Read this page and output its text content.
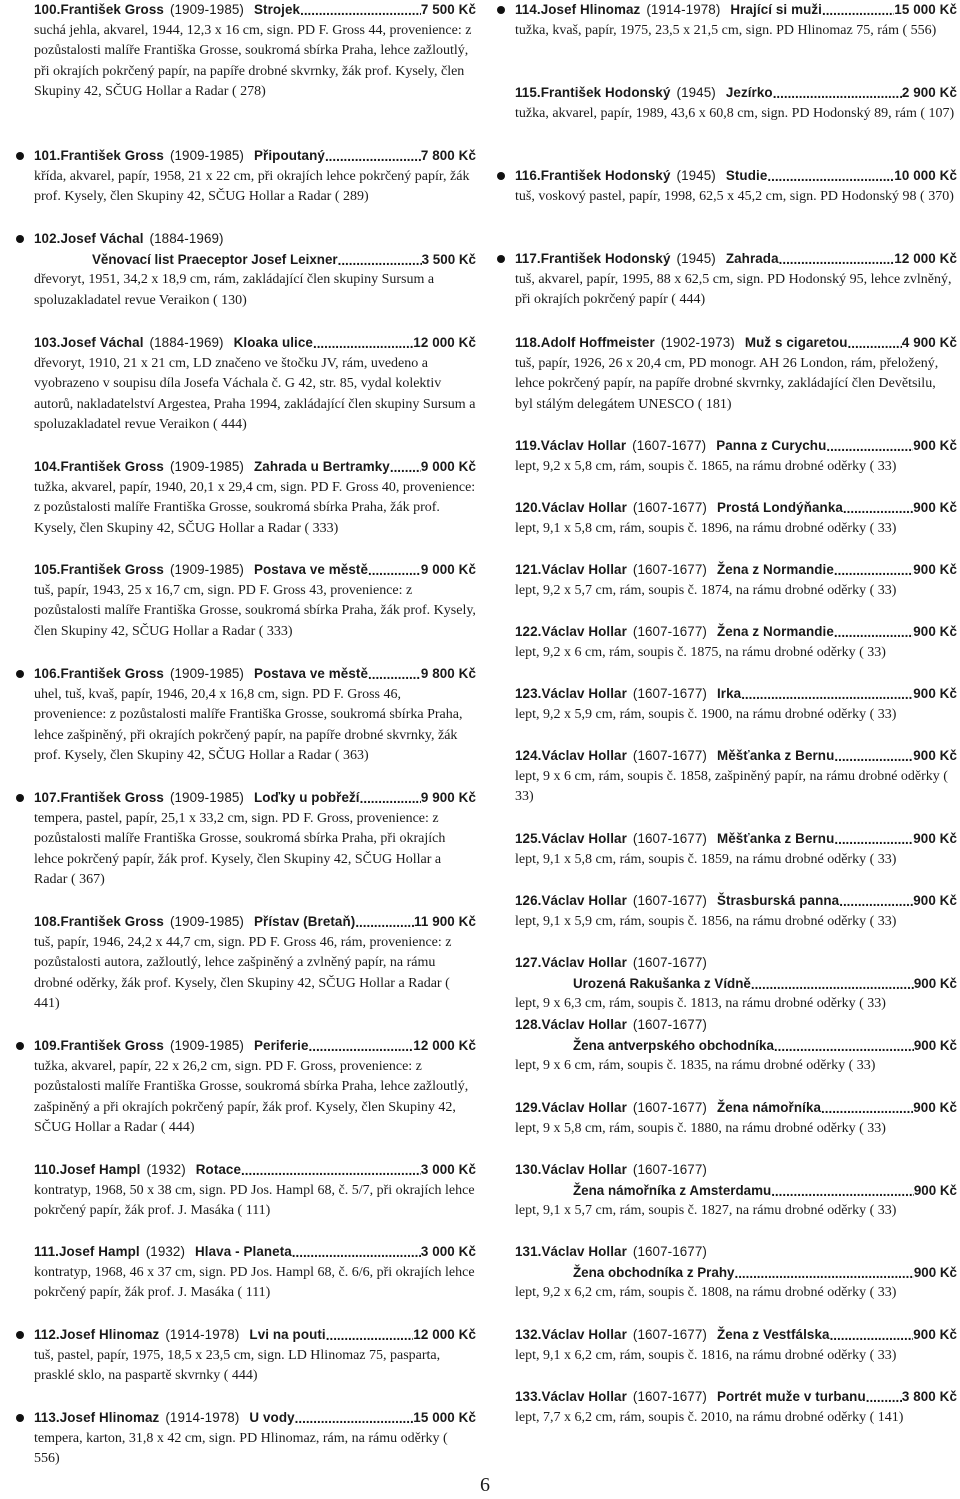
100. František Gross (1909-1985) Strojek .....	7 500 Kč
suchá jehla, akvarel, 1944, 12,3 x 16 cm, sign. PD F. Gross 44, provenience: z pozůstalosti malíře Františka Grosse, soukromá sbírka Praha, lehce zažloutlý, při okrajích pokrčený papír, na papíře drobné skvrnky, žák prof. Kysely, člen Skupiny 42, SČUG Hollar a Radar ( 278)
101. František Gross (1909-1985) Připoutaný .....	7 800 Kč
křída, akvarel, papír, 1958, 21 x 22 cm, při okrajích lehce pokrčený papír, žák prof. Kysely, člen Skupiny 42, SČUG Hollar a Radar ( 289)
102. Josef Váchal (1884-1969)
Věnovací list Praeceptor Josef Leixner .....	3 500 Kč
dřevoryt, 1951, 34,2 x 18,9 cm, rám, zakládající člen skupiny Sursum a spoluzakladatel revue Veraikon ( 130)
103. Josef Váchal (1884-1969) Kloaka ulice .....	12 000 Kč
dřevoryt, 1910, 21 x 21 cm, LD značeno ve štočku JV, rám, uvedeno a vyobrazeno v soupisu díla Josefa Váchala č. G 42, str. 85, vydal kolektiv autorů, nakladatelství Argestea, Praha 1994, zakládající člen skupiny Sursum a spoluzakladatel revue Veraikon ( 444)
104. František Gross (1909-1985) Zahrada u Bertramky ..... 9 000 Kč
tužka, akvarel, papír, 1940, 20,1 x 29,4 cm, sign. PD F. Gross 40, provenience: z pozůstalosti malíře Františka Grosse, soukromá sbírka Praha, žák prof. Kysely, člen Skupiny 42, SČUG Hollar a Radar ( 333)
105. František Gross (1909-1985) Postava ve městě .....	9 000 Kč
tuš, papír, 1943, 25 x 16,7 cm, sign. PD F. Gross 43, provenience: z pozůstalosti malíře Františka Grosse, soukromá sbírka Praha, žák prof. Kysely, člen Skupiny 42, SČUG Hollar a Radar ( 333)
106. František Gross (1909-1985) Postava ve městě .....	9 800 Kč
uhel, tuš, kvaš, papír, 1946, 20,4 x 16,8 cm, sign. PD F. Gross 46, provenience: z pozůstalosti malíře Františka Grosse, soukromá sbírka Praha, lehce zašpiněný, při okrajích pokrčený papír, na papíře drobné skvrnky, žák prof. Kysely, člen Skupiny 42, SČUG Hollar a Radar ( 363)
107. František Gross (1909-1985) Loďky u pobřeží .....	9 900 Kč
tempera, pastel, papír, 25,1 x 33,2 cm, sign. PD F. Gross, provenience: z pozůstalosti malíře Františka Grosse, soukromá sbírka Praha, při okrajích lehce pokrčený papír, žák prof. Kysely, člen Skupiny 42, SČUG Hollar a Radar ( 367)
108. František Gross (1909-1985) Přístav (Bretaň) .....	11 900 Kč
tuš, papír, 1946, 24,2 x 44,7 cm, sign. PD F. Gross 46, rám, provenience: z pozůstalosti autora, zažloutlý, lehce zašpiněný a zvlněný papír, na rámu drobné oděrky, žák prof. Kysely, člen Skupiny 42, SČUG Hollar a Radar ( 441)
109. František Gross (1909-1985) Periferie .....	12 000 Kč
tužka, akvarel, papír, 22 x 26,2 cm, sign. PD F. Gross, provenience: z pozůstalosti malíře Františka Grosse, soukromá sbírka Praha, lehce zažloutlý, zašpiněný a při okrajích pokrčený papír, žák prof. Kysely, člen Skupiny 42, SČUG Hollar a Radar ( 444)
110. Josef Hampl (1932) Rotace .....	3 000 Kč
kontratyp, 1968, 50 x 38 cm, sign. PD Jos. Hampl 68, č. 5/7, při okrajích lehce pokrčený papír, žák prof. J. Masáka ( 111)
111. Josef Hampl (1932) Hlava - Planeta .....	3 000 Kč
kontratyp, 1968, 46 x 37 cm, sign. PD Jos. Hampl 68, č. 6/6, při okrajích lehce pokrčený papír, žák prof. J. Masáka ( 111)
112. Josef Hlinomaz (1914-1978) Lvi na pouti .....	12 000 Kč
tuš, pastel, papír, 1975, 18,5 x 23,5 cm, sign. LD Hlinomaz 75, pasparta, prasklé sklo, na paspartě skvrnky ( 444)
113. Josef Hlinomaz (1914-1978) U vody .....	15 000 Kč
tempera, karton, 31,8 x 42 cm, sign. PD Hlinomaz, rám, na rámu oděrky ( 556)
114. Josef Hlinomaz (1914-1978) Hrající si muži .....	15 000 Kč
tužka, kvaš, papír, 1975, 23,5 x 21,5 cm, sign. PD Hlinomaz 75, rám ( 556)
115. František Hodonský (1945) Jezírko .....	2 900 Kč
tužka, akvarel, papír, 1989, 43,6 x 60,8 cm, sign. PD Hodonský 89, rám ( 107)
116. František Hodonský (1945) Studie .....	10 000 Kč
tuš, voskový pastel, papír, 1998, 62,5 x 45,2 cm, sign. PD Hodonský 98 ( 370)
117. František Hodonský (1945) Zahrada .....	12 000 Kč
tuš, akvarel, papír, 1995, 88 x 62,5 cm, sign. PD Hodonský 95, lehce zvlněný, při okrajích pokrčený papír ( 444)
118. Adolf Hoffmeister (1902-1973) Muž s cigaretou .....	4 900 Kč
tuš, papír, 1926, 26 x 20,4 cm, PD monogr. AH 26 London, rám, přeložený, lehce pokrčený papír, na papíře drobné skvrnky, zakládající člen Devětsilu, byl stálým delegátem UNESCO ( 181)
119. Václav Hollar (1607-1677) Panna z Curychu .....	900 Kč
lept, 9,2 x 5,8 cm, rám, soupis č. 1865, na rámu drobné oděrky ( 33)
120. Václav Hollar (1607-1677) Prostá Londýňanka .....	900 Kč
lept, 9,1 x 5,8 cm, rám, soupis č. 1896, na rámu drobné oděrky ( 33)
121. Václav Hollar (1607-1677) Žena z Normandie .....	900 Kč
lept, 9,2 x 5,7 cm, rám, soupis č. 1874, na rámu drobné oděrky ( 33)
122. Václav Hollar (1607-1677) Žena z Normandie .....	900 Kč
lept, 9,2 x 6 cm, rám, soupis č. 1875, na rámu drobné oděrky ( 33)
123. Václav Hollar (1607-1677) Irka .....	900 Kč
lept, 9,2 x 5,9 cm, rám, soupis č. 1900, na rámu drobné oděrky ( 33)
124. Václav Hollar (1607-1677) Měšťanka z Bernu .....	900 Kč
lept, 9 x 6 cm, rám, soupis č. 1858, zašpiněný papír, na rámu drobné oděrky ( 33)
125. Václav Hollar (1607-1677) Měšťanka z Bernu .....	900 Kč
lept, 9,1 x 5,8 cm, rám, soupis č. 1859, na rámu drobné oděrky ( 33)
126. Václav Hollar (1607-1677) Štrasburská panna .....	900 Kč
lept, 9,1 x 5,9 cm, rám, soupis č. 1856, na rámu drobné oděrky ( 33)
127. Václav Hollar (1607-1677)
Urozená Rakušanka z Vídně .....	900 Kč
lept, 9 x 6,3 cm, rám, soupis č. 1813, na rámu drobné oděrky ( 33)
128. Václav Hollar (1607-1677)
Žena antverpského obchodníka .....	900 Kč
lept, 9 x 6 cm, rám, soupis č. 1835, na rámu drobné oděrky ( 33)
129. Václav Hollar (1607-1677) Žena námořníka .....	900 Kč
lept, 9 x 5,8 cm, rám, soupis č. 1880, na rámu drobné oděrky ( 33)
130. Václav Hollar (1607-1677)
Žena námořníka z Amsterdamu .....	900 Kč
lept, 9,1 x 5,7 cm, rám, soupis č. 1827, na rámu drobné oděrky ( 33)
131. Václav Hollar (1607-1677)
Žena obchodníka z Prahy .....	900 Kč
lept, 9,2 x 6,2 cm, rám, soupis č. 1808, na rámu drobné oděrky ( 33)
132. Václav Hollar (1607-1677) Žena z Vestfálska .....	900 Kč
lept, 9,1 x 6,2 cm, rám, soupis č. 1816, na rámu drobné oděrky ( 33)
133. Václav Hollar (1607-1677) Portrét muže v turbanu .....	3 800 Kč
lept, 7,7 x 6,2 cm, rám, soupis č. 2010, na rámu drobné oděrky ( 141)
6
